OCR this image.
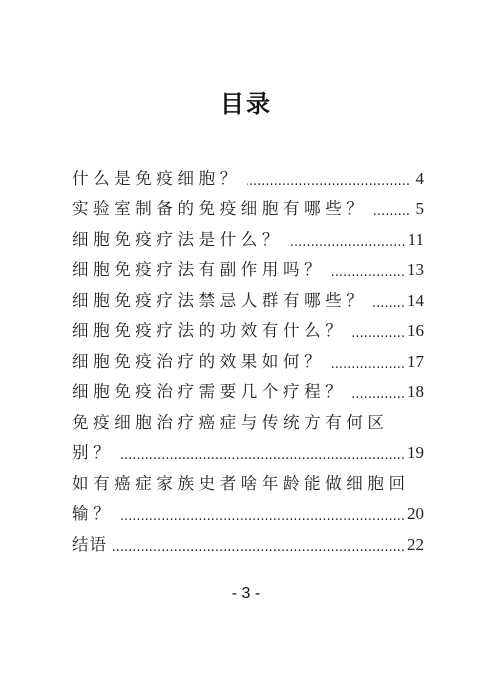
目录
什么是免疫细胞？ .....	4
实验室制备的免疫细胞有哪些？ .....	5
细胞免疫疗法是什么？ .....	11
细胞免疫疗法有副作用吗？ .....	13
细胞免疫疗法禁忌人群有哪些？ ..... 14
细胞免疫疗法的功效有什么？ .....	16
细胞免疫治疗的效果如何？ .....	17
细胞免疫治疗需要几个疗程？ .....	18
免疫细胞治疗癌症与传统方有何区
别？ .....	19
如有癌症家族史者啥年龄能做细胞回
输？ .....	20
结语 .....	22
- 3 -
